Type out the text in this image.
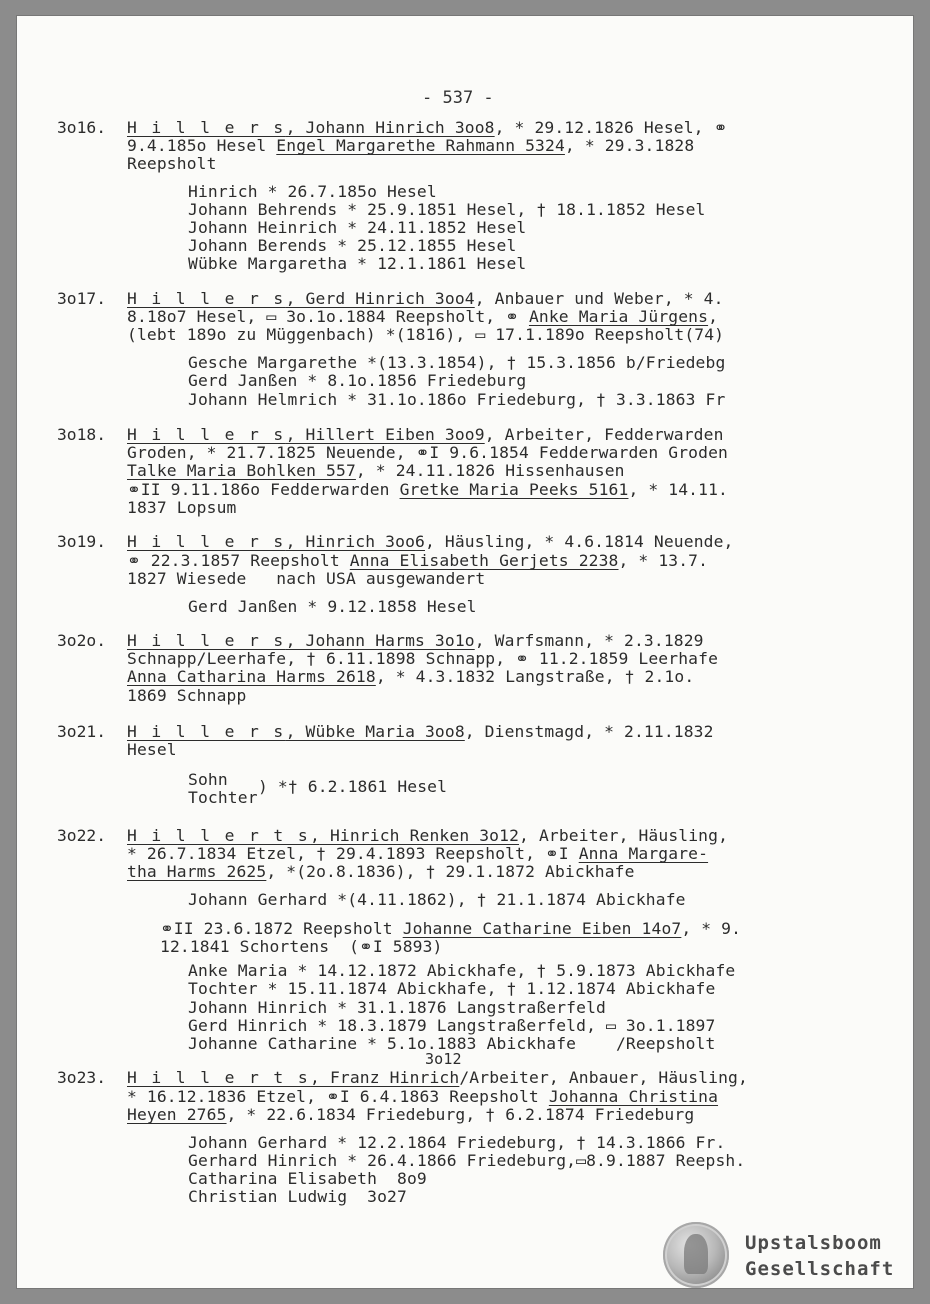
- 537 -
3o16. H i l l e r s, Johann Hinrich 3oo8, * 29.12.1826 Hesel, ⚭
9.4.185o Hesel Engel Margarethe Rahmann 5324, * 29.3.1828
Reepsholt
Hinrich * 26.7.185o Hesel
Johann Behrends * 25.9.1851 Hesel, † 18.1.1852 Hesel
Johann Heinrich * 24.11.1852 Hesel
Johann Berends * 25.12.1855 Hesel
Wübke Margaretha * 12.1.1861 Hesel
3o17. H i l l e r s, Gerd Hinrich 3oo4, Anbauer und Weber, * 4.
8.18o7 Hesel, ▭ 3o.1o.1884 Reepsholt, ⚭ Anke Maria Jürgens,
(lebt 189o zu Müggenbach) *(1816), ▭ 17.1.189o Reepsholt(74)
Gesche Margarethe *(13.3.1854), † 15.3.1856 b/Friedebg
Gerd Janßen * 8.1o.1856 Friedeburg
Johann Helmrich * 31.1o.186o Friedeburg, † 3.3.1863 Fr
3o18. H i l l e r s, Hillert Eiben 3oo9, Arbeiter, Fedderwarden
Groden, * 21.7.1825 Neuende, ⚭I 9.6.1854 Fedderwarden Groden
Talke Maria Bohlken 557, * 24.11.1826 Hissenhausen
⚭II 9.11.186o Fedderwarden Gretke Maria Peeks 5161, * 14.11.
1837 Lopsum
3o19. H i l l e r s, Hinrich 3oo6, Häusling, * 4.6.1814 Neuende,
⚭ 22.3.1857 Reepsholt Anna Elisabeth Gerjets 2238, * 13.7.
1827 Wiesede   nach USA ausgewandert
Gerd Janßen * 9.12.1858 Hesel
3o2o. H i l l e r s, Johann Harms 3o1o, Warfsmann, * 2.3.1829
Schnapp/Leerhafe, † 6.11.1898 Schnapp, ⚭ 11.2.1859 Leerhafe
Anna Catharina Harms 2618, * 4.3.1832 Langstraße, † 2.1o.
1869 Schnapp
3o21. H i l l e r s, Wübke Maria 3oo8, Dienstmagd, * 2.11.1832
Hesel
Sohn
Tochter
) *† 6.2.1861 Hesel
3o22. H i l l e r t s, Hinrich Renken 3o12, Arbeiter, Häusling,
* 26.7.1834 Etzel, † 29.4.1893 Reepsholt, ⚭I Anna Margare-
tha Harms 2625, *(2o.8.1836), † 29.1.1872 Abickhafe
Johann Gerhard *(4.11.1862), † 21.1.1874 Abickhafe
⚭II 23.6.1872 Reepsholt Johanne Catharine Eiben 14o7, * 9.
12.1841 Schortens  (⚭I 5893)
Anke Maria * 14.12.1872 Abickhafe, † 5.9.1873 Abickhafe
Tochter * 15.11.1874 Abickhafe, † 1.12.1874 Abickhafe
Johann Hinrich * 31.1.1876 Langstraßerfeld
Gerd Hinrich * 18.3.1879 Langstraßerfeld, ▭ 3o.1.1897
Johanne Catharine * 5.1o.1883 Abickhafe    /Reepsholt
3o23.
3o12
H i l l e r t s, Franz Hinrich/Arbeiter, Anbauer, Häusling,
* 16.12.1836 Etzel, ⚭I 6.4.1863 Reepsholt Johanna Christina
Heyen 2765, * 22.6.1834 Friedeburg, † 6.2.1874 Friedeburg
Johann Gerhard * 12.2.1864 Friedeburg, † 14.3.1866 Fr.
Gerhard Hinrich * 26.4.1866 Friedeburg,▭8.9.1887 Reepsh.
Catharina Elisabeth  8o9
Christian Ludwig  3o27
Upstalsboom
Gesellschaft
